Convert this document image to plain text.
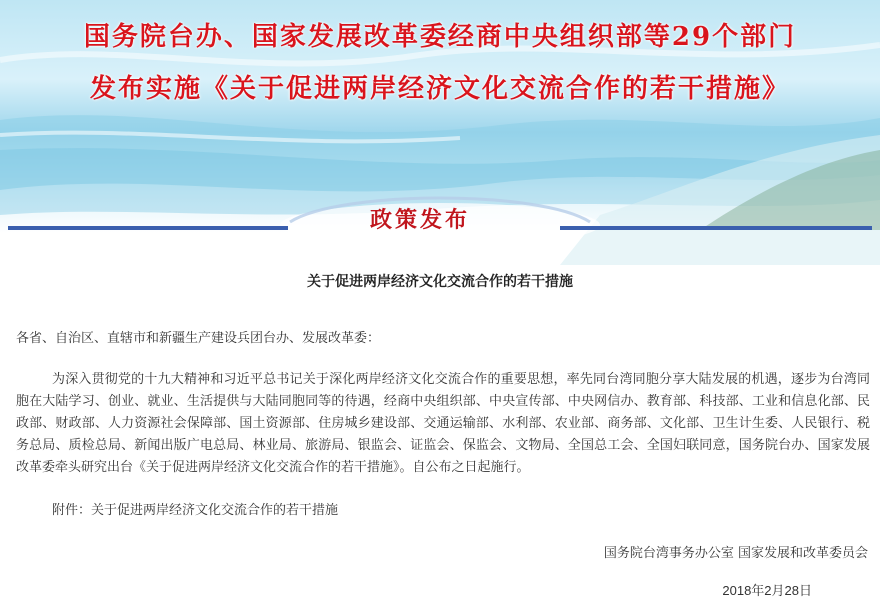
国务院台办、国家发展改革委经商中央组织部等29个部门
发布实施《关于促进两岸经济文化交流合作的若干措施》
政策发布
关于促进两岸经济文化交流合作的若干措施

各省、自治区、直辖市和新疆生产建设兵团台办、发展改革委：

为深入贯彻党的十九大精神和习近平总书记关于深化两岸经济文化交流合作的重要思想，率先同台湾同胞分享大陆发展的机遇，逐步为台湾同胞在大陆学习、创业、就业、生活提供与大陆同胞同等的待遇，经商中央组织部、中央宣传部、中央网信办、教育部、科技部、工业和信息化部、民政部、财政部、人力资源社会保障部、国土资源部、住房城乡建设部、交通运输部、水利部、农业部、商务部、文化部、卫生计生委、人民银行、税务总局、质检总局、新闻出版广电总局、林业局、旅游局、银监会、证监会、保监会、文物局、全国总工会、全国妇联同意，国务院台办、国家发展改革委牵头研究出台《关于促进两岸经济文化交流合作的若干措施》。自公布之日起施行。

附件：关于促进两岸经济文化交流合作的若干措施

国务院台湾事务办公室 国家发展和改革委员会
2018年2月28日
